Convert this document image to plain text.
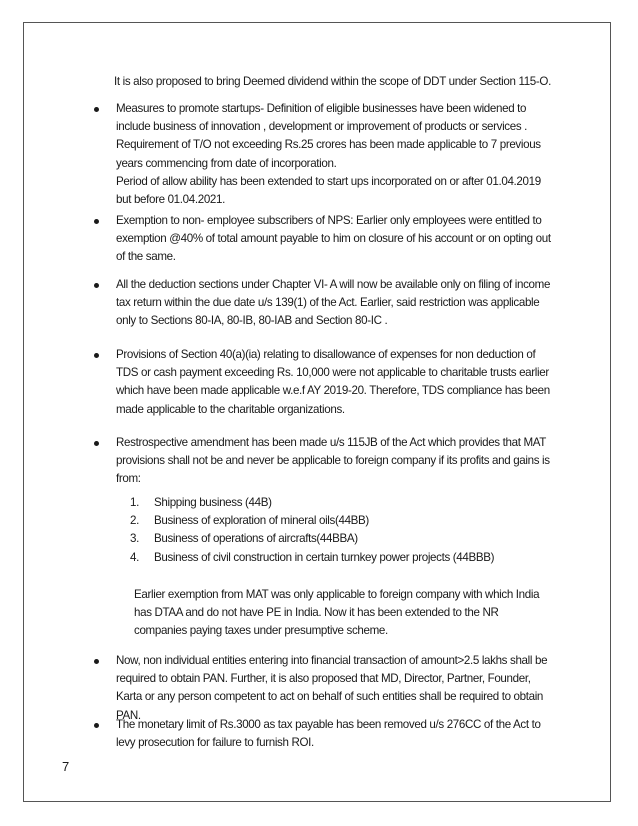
It is also proposed to bring Deemed dividend within the scope of DDT under Section 115-O.

Measures to promote startups- Definition of eligible businesses have been widened to include business of innovation , development or improvement of products or services .

Requirement of T/O not exceeding Rs.25 crores has been made applicable to 7 previous years commencing from date of incorporation.

Period of allow ability has been extended to start ups incorporated on or after 01.04.2019 but before 01.04.2021.

Exemption to non- employee subscribers of NPS: Earlier only employees were entitled to exemption @40% of total amount payable to him on closure of his account or on opting out of the same.

All the deduction sections under Chapter VI- A will now be available only on filing of income tax return within the due date u/s 139(1) of the Act. Earlier, said restriction was applicable only to Sections 80-IA, 80-IB, 80-IAB and Section 80-IC .

Provisions of Section 40(a)(ia) relating to disallowance of expenses for non deduction of TDS or cash payment exceeding Rs. 10,000 were not applicable to charitable trusts earlier which have been made applicable w.e.f AY 2019-20. Therefore, TDS compliance has been made applicable to the charitable organizations.

Restrospective amendment has been made u/s 115JB of the Act which provides that MAT provisions shall not be and never be applicable to foreign company if its profits and gains is from:

1. Shipping business (44B)

2. Business of exploration of mineral oils(44BB)

3. Business of operations of aircrafts(44BBA)

4. Business of civil construction in certain turnkey power projects (44BBB)

Earlier exemption from MAT was only applicable to foreign company with which India has DTAA and do not have PE in India. Now it has been extended to the NR companies paying taxes under presumptive scheme.

Now, non individual entities entering into financial transaction of amount>2.5 lakhs shall be required to obtain PAN. Further, it is also proposed that MD, Director, Partner, Founder, Karta or any person competent to act on behalf of such entities shall be required to obtain PAN.

The monetary limit of Rs.3000 as tax payable has been removed u/s 276CC of the Act to levy prosecution for failure to furnish ROI.

7
